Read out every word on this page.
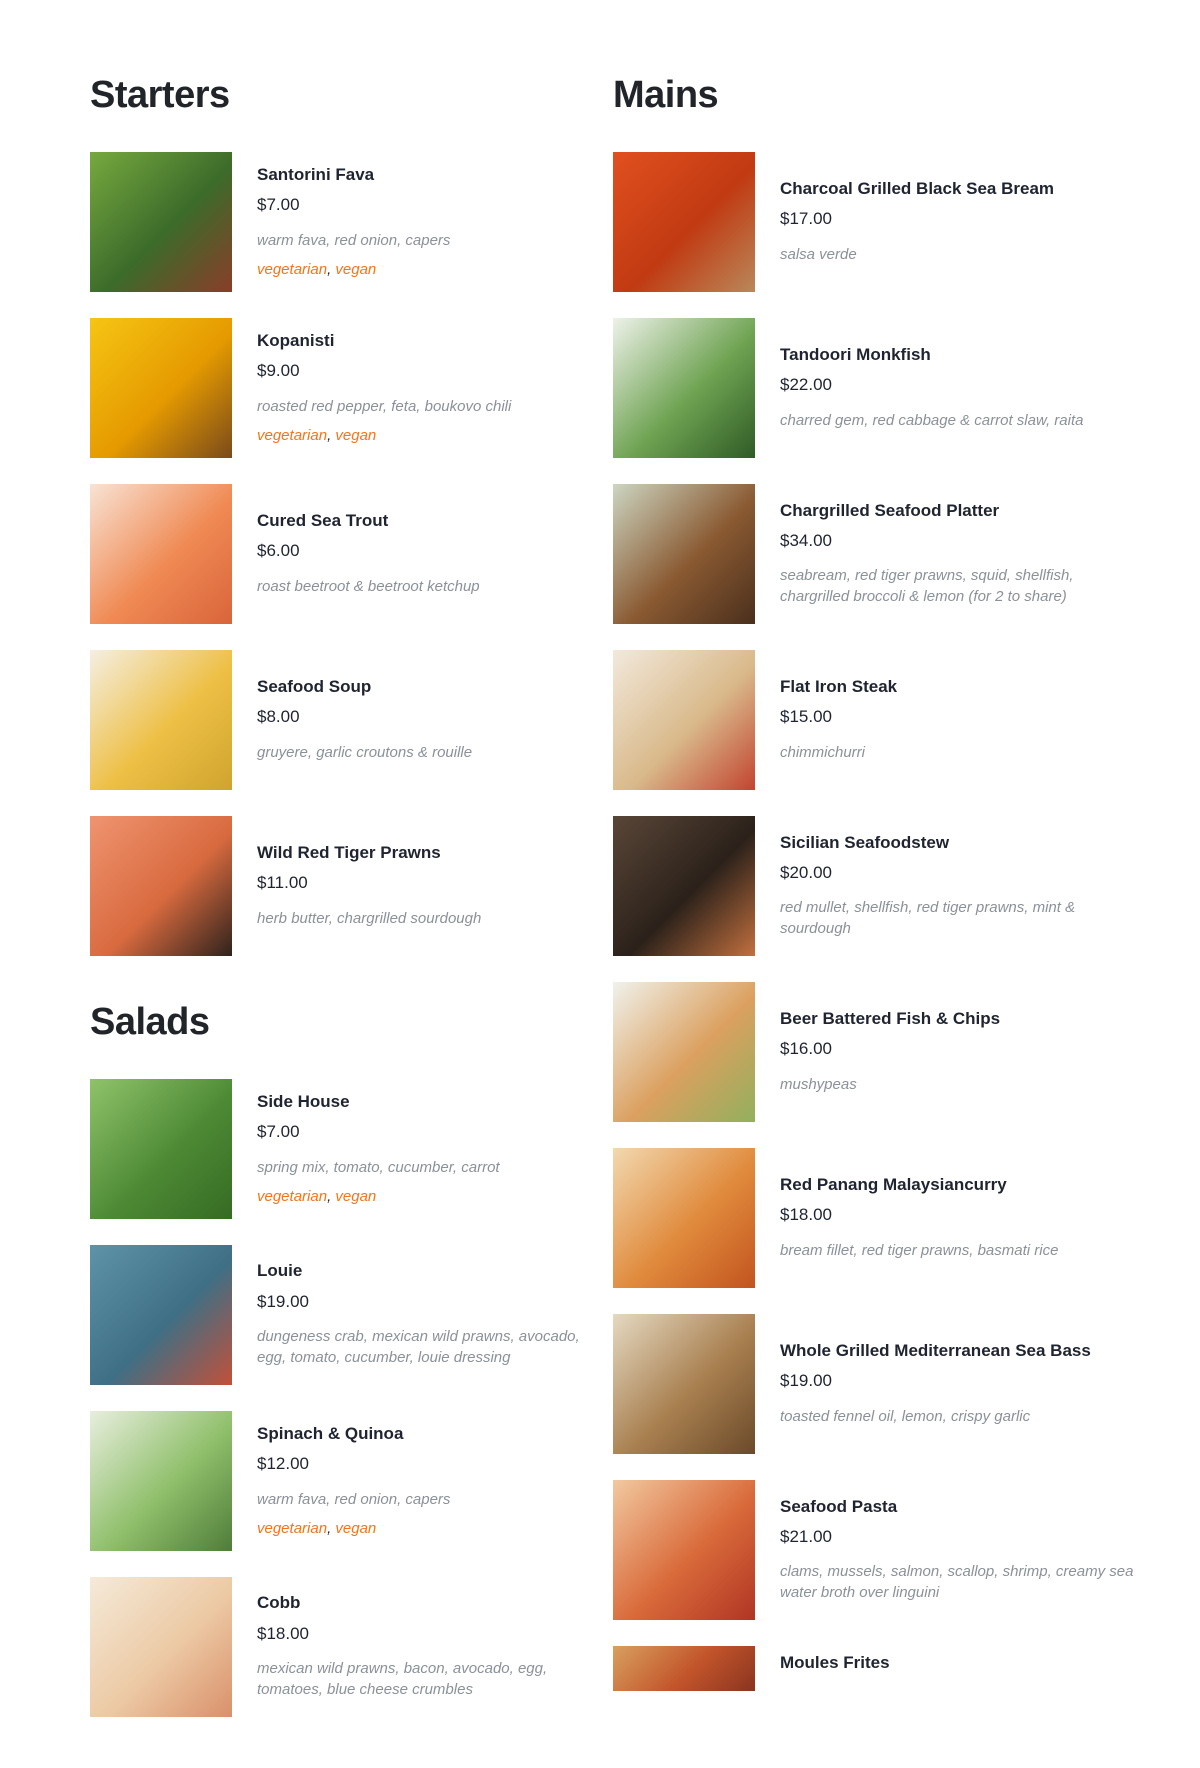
Starters
Santorini Fava
$7.00

warm fava, red onion, capers

vegetarian, vegan

Kopanisti
$9.00

roasted red pepper, feta, boukovo chili

vegetarian, vegan

Cured Sea Trout
$6.00

roast beetroot & beetroot ketchup

Seafood Soup
$8.00

gruyere, garlic croutons & rouille

Wild Red Tiger Prawns
$11.00

herb butter, chargrilled sourdough

Salads
Side House
$7.00

spring mix, tomato, cucumber, carrot

vegetarian, vegan

Louie
$19.00

dungeness crab, mexican wild prawns, avocado, egg, tomato, cucumber, louie dressing

Spinach & Quinoa
$12.00

warm fava, red onion, capers

vegetarian, vegan

Cobb
$18.00

mexican wild prawns, bacon, avocado, egg, tomatoes, blue cheese crumbles

Mains
Charcoal Grilled Black Sea Bream
$17.00

salsa verde

Tandoori Monkfish
$22.00

charred gem, red cabbage & carrot slaw, raita

Chargrilled Seafood Platter
$34.00

seabream, red tiger prawns, squid, shellfish, chargrilled broccoli & lemon (for 2 to share)

Flat Iron Steak
$15.00

chimmichurri

Sicilian Seafoodstew
$20.00

red mullet, shellfish, red tiger prawns, mint & sourdough

Beer Battered Fish & Chips
$16.00

mushypeas

Red Panang Malaysiancurry
$18.00

bream fillet, red tiger prawns, basmati rice

Whole Grilled Mediterranean Sea Bass
$19.00

toasted fennel oil, lemon, crispy garlic

Seafood Pasta
$21.00

clams, mussels, salmon, scallop, shrimp, creamy sea water broth over linguini

Moules Frites
